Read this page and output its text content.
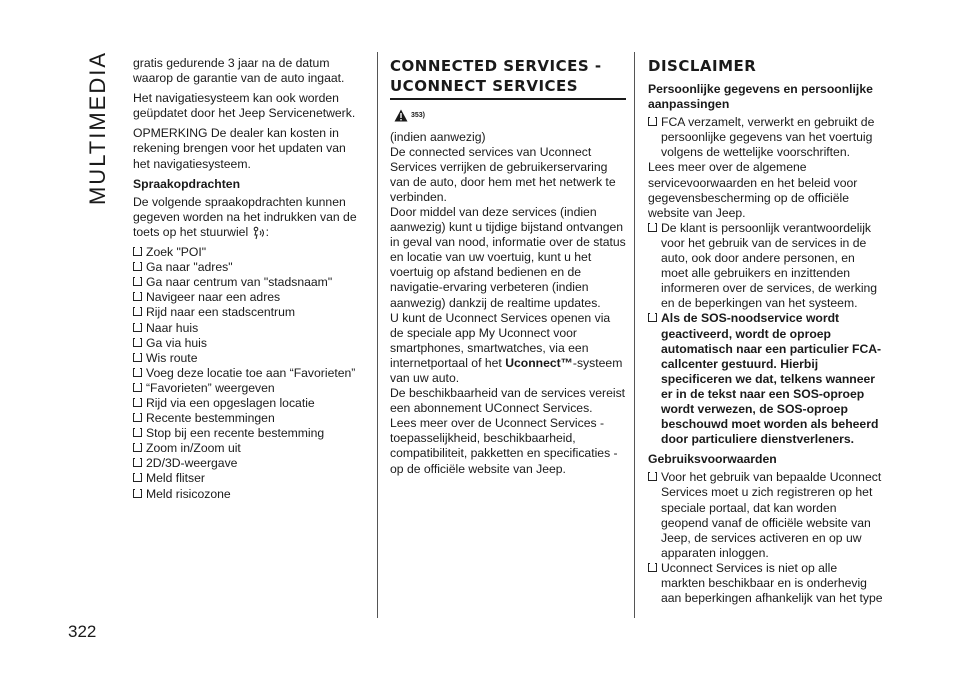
MULTIMEDIA
322

gratis gedurende 3 jaar na de datum waarop de garantie van de auto ingaat.

Het navigatiesysteem kan ook worden geüpdatet door het Jeep Servicenetwerk.

OPMERKING De dealer kan kosten in rekening brengen voor het updaten van het navigatiesysteem.

Spraakopdrachten

De volgende spraakopdrachten kunnen gegeven worden na het indrukken van de toets op het stuurwiel :

Zoek "POI"
Ga naar "adres"
Ga naar centrum van "stadsnaam"
Navigeer naar een adres
Rijd naar een stadscentrum
Naar huis
Ga via huis
Wis route
Voeg deze locatie toe aan “Favorieten”
“Favorieten” weergeven
Rijd via een opgeslagen locatie
Recente bestemmingen
Stop bij een recente bestemming
Zoom in/Zoom uit
2D/3D-weergave
Meld flitser
Meld risicozone
CONNECTED SERVICES -
UCONNECT SERVICES
353)

(indien aanwezig)

De connected services van Uconnect Services verrijken de gebruikerservaring van de auto, door hem met het netwerk te verbinden.

Door middel van deze services (indien aanwezig) kunt u tijdige bijstand ontvangen in geval van nood, informatie over de status en locatie van uw voertuig, kunt u het voertuig op afstand bedienen en de navigatie-ervaring verbeteren (indien aanwezig) dankzij de realtime updates.

U kunt de Uconnect Services openen via de speciale app My Uconnect voor smartphones, smartwatches, via een internetportaal of het Uconnect™-systeem van uw auto.

De beschikbaarheid van de services vereist een abonnement UConnect Services.

Lees meer over de Uconnect Services - toepasselijkheid, beschikbaarheid, compatibiliteit, pakketten en specificaties - op de officiële website van Jeep.

DISCLAIMER

Persoonlijke gegevens en persoonlijke aanpassingen

FCA verzamelt, verwerkt en gebruikt de persoonlijke gegevens van het voertuig volgens de wettelijke voorschriften.

Lees meer over de algemene servicevoorwaarden en het beleid voor gegevensbescherming op de officiële website van Jeep.

De klant is persoonlijk verantwoordelijk voor het gebruik van de services in de auto, ook door andere personen, en moet alle gebruikers en inzittenden informeren over de services, de werking en de beperkingen van het systeem.
Als de SOS-noodservice wordt geactiveerd, wordt de oproep automatisch naar een particulier FCA-callcenter gestuurd. Hierbij specificeren we dat, telkens wanneer er in de tekst naar een SOS-oproep wordt verwezen, de SOS-oproep beschouwd moet worden als beheerd door particuliere dienstverleners.

Gebruiksvoorwaarden

Voor het gebruik van bepaalde Uconnect Services moet u zich registreren op het speciale portaal, dat kan worden geopend vanaf de officiële website van Jeep, de services activeren en op uw apparaten inloggen.
Uconnect Services is niet op alle markten beschikbaar en is onderhevig aan beperkingen afhankelijk van het type
